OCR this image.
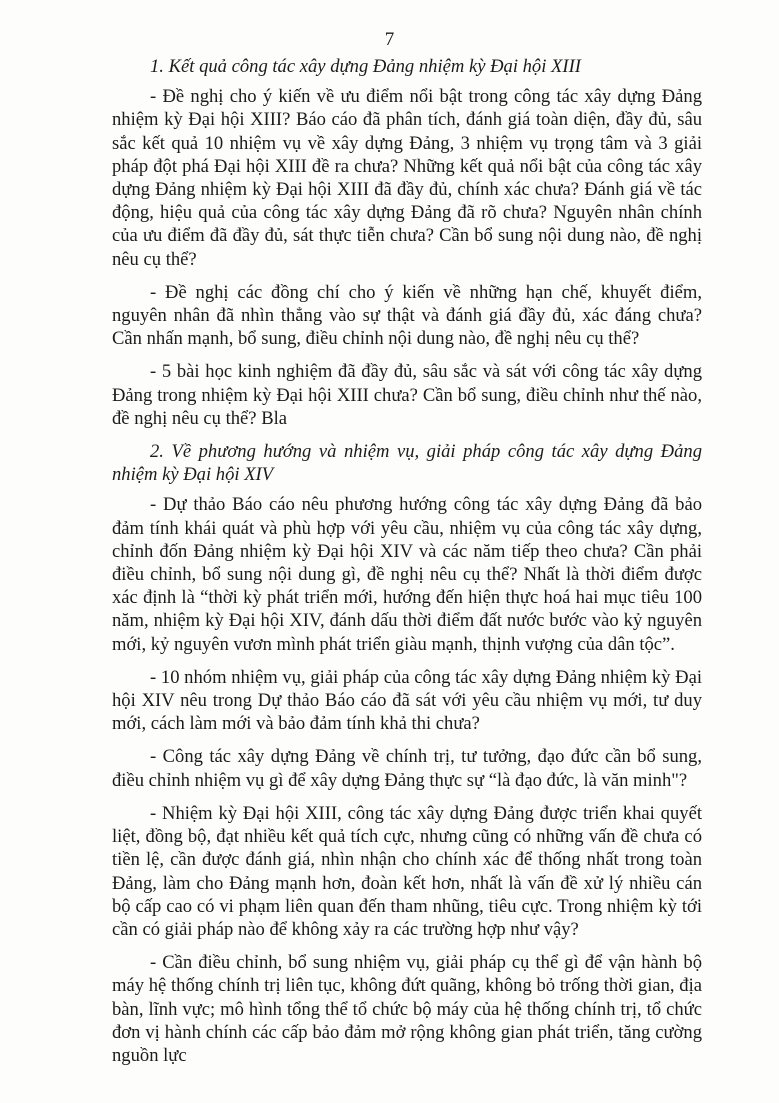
7

1. Kết quả công tác xây dựng Đảng nhiệm kỳ Đại hội XIII

- Đề nghị cho ý kiến về ưu điểm nổi bật trong công tác xây dựng Đảng nhiệm kỳ Đại hội XIII? Báo cáo đã phân tích, đánh giá toàn diện, đầy đủ, sâu sắc kết quả 10 nhiệm vụ về xây dựng Đảng, 3 nhiệm vụ trọng tâm và 3 giải pháp đột phá Đại hội XIII đề ra chưa? Những kết quả nổi bật của công tác xây dựng Đảng nhiệm kỳ Đại hội XIII đã đầy đủ, chính xác chưa? Đánh giá về tác động, hiệu quả của công tác xây dựng Đảng đã rõ chưa? Nguyên nhân chính của ưu điểm đã đầy đủ, sát thực tiễn chưa? Cần bổ sung nội dung nào, đề nghị nêu cụ thể?

- Đề nghị các đồng chí cho ý kiến về những hạn chế, khuyết điểm, nguyên nhân đã nhìn thẳng vào sự thật và đánh giá đầy đủ, xác đáng chưa? Cần nhấn mạnh, bổ sung, điều chỉnh nội dung nào, đề nghị nêu cụ thể?

- 5 bài học kinh nghiệm đã đầy đủ, sâu sắc và sát với công tác xây dựng Đảng trong nhiệm kỳ Đại hội XIII chưa? Cần bổ sung, điều chỉnh như thế nào, đề nghị nêu cụ thể? Bla

2. Về phương hướng và nhiệm vụ, giải pháp công tác xây dựng Đảng nhiệm kỳ Đại hội XIV

- Dự thảo Báo cáo nêu phương hướng công tác xây dựng Đảng đã bảo đảm tính khái quát và phù hợp với yêu cầu, nhiệm vụ của công tác xây dựng, chỉnh đốn Đảng nhiệm kỳ Đại hội XIV và các năm tiếp theo chưa? Cần phải điều chỉnh, bổ sung nội dung gì, đề nghị nêu cụ thể? Nhất là thời điểm được xác định là “thời kỳ phát triển mới, hướng đến hiện thực hoá hai mục tiêu 100 năm, nhiệm kỳ Đại hội XIV, đánh dấu thời điểm đất nước bước vào kỷ nguyên mới, kỷ nguyên vươn mình phát triển giàu mạnh, thịnh vượng của dân tộc”.

- 10 nhóm nhiệm vụ, giải pháp của công tác xây dựng Đảng nhiệm kỳ Đại hội XIV nêu trong Dự thảo Báo cáo đã sát với yêu cầu nhiệm vụ mới, tư duy mới, cách làm mới và bảo đảm tính khả thi chưa?

- Công tác xây dựng Đảng về chính trị, tư tưởng, đạo đức cần bổ sung, điều chỉnh nhiệm vụ gì để xây dựng Đảng thực sự “là đạo đức, là văn minh"?

- Nhiệm kỳ Đại hội XIII, công tác xây dựng Đảng được triển khai quyết liệt, đồng bộ, đạt nhiều kết quả tích cực, nhưng cũng có những vấn đề chưa có tiền lệ, cần được đánh giá, nhìn nhận cho chính xác để thống nhất trong toàn Đảng, làm cho Đảng mạnh hơn, đoàn kết hơn, nhất là vấn đề xử lý nhiều cán bộ cấp cao có vi phạm liên quan đến tham nhũng, tiêu cực. Trong nhiệm kỳ tới cần có giải pháp nào để không xảy ra các trường hợp như vậy?

- Cần điều chỉnh, bổ sung nhiệm vụ, giải pháp cụ thể gì để vận hành bộ máy hệ thống chính trị liên tục, không đứt quãng, không bỏ trống thời gian, địa bàn, lĩnh vực; mô hình tổng thể tổ chức bộ máy của hệ thống chính trị, tổ chức đơn vị hành chính các cấp bảo đảm mở rộng không gian phát triển, tăng cường nguồn lực
